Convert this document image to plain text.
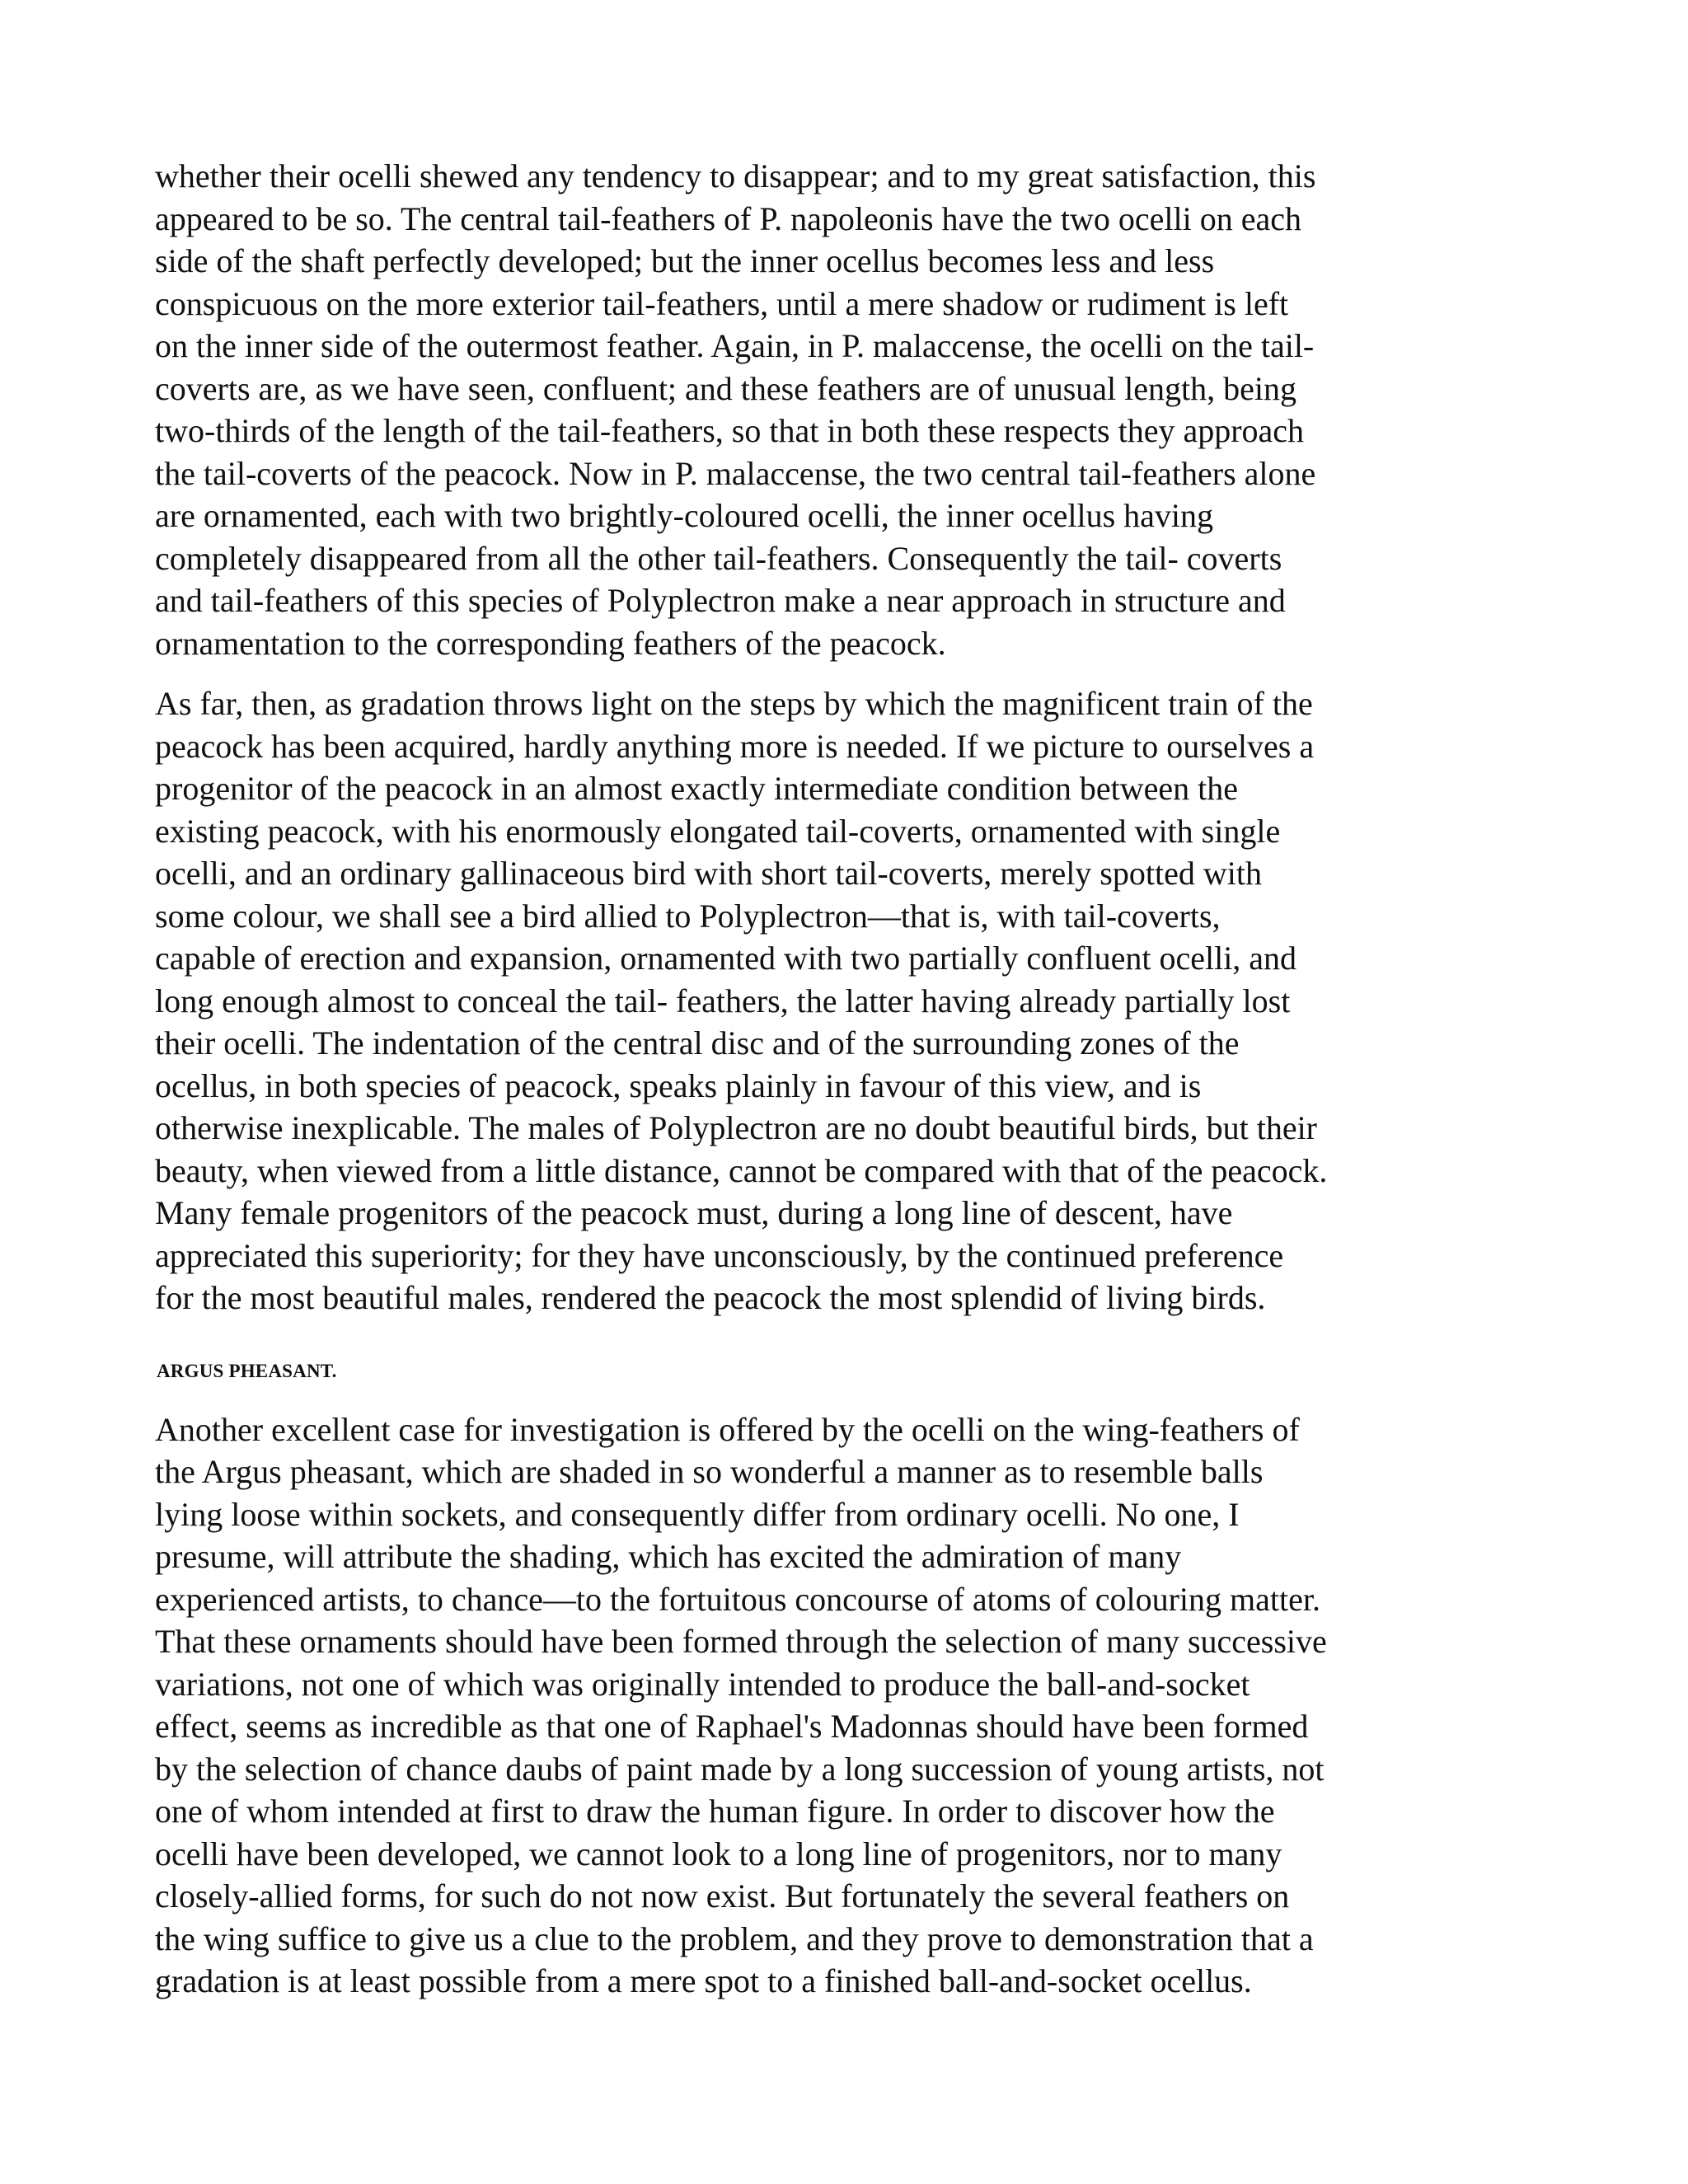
whether their ocelli shewed any tendency to disappear; and to my great satisfaction, this
appeared to be so. The central tail-feathers of P. napoleonis have the two ocelli on each
side of the shaft perfectly developed; but the inner ocellus becomes less and less
conspicuous on the more exterior tail-feathers, until a mere shadow or rudiment is left
on the inner side of the outermost feather. Again, in P. malaccense, the ocelli on the tail-
coverts are, as we have seen, confluent; and these feathers are of unusual length, being
two-thirds of the length of the tail-feathers, so that in both these respects they approach
the tail-coverts of the peacock. Now in P. malaccense, the two central tail-feathers alone
are ornamented, each with two brightly-coloured ocelli, the inner ocellus having
completely disappeared from all the other tail-feathers. Consequently the tail- coverts
and tail-feathers of this species of Polyplectron make a near approach in structure and
ornamentation to the corresponding feathers of the peacock.
As far, then, as gradation throws light on the steps by which the magnificent train of the
peacock has been acquired, hardly anything more is needed. If we picture to ourselves a
progenitor of the peacock in an almost exactly intermediate condition between the
existing peacock, with his enormously elongated tail-coverts, ornamented with single
ocelli, and an ordinary gallinaceous bird with short tail-coverts, merely spotted with
some colour, we shall see a bird allied to Polyplectron—that is, with tail-coverts,
capable of erection and expansion, ornamented with two partially confluent ocelli, and
long enough almost to conceal the tail- feathers, the latter having already partially lost
their ocelli. The indentation of the central disc and of the surrounding zones of the
ocellus, in both species of peacock, speaks plainly in favour of this view, and is
otherwise inexplicable. The males of Polyplectron are no doubt beautiful birds, but their
beauty, when viewed from a little distance, cannot be compared with that of the peacock.
Many female progenitors of the peacock must, during a long line of descent, have
appreciated this superiority; for they have unconsciously, by the continued preference
for the most beautiful males, rendered the peacock the most splendid of living birds.
ARGUS PHEASANT.
Another excellent case for investigation is offered by the ocelli on the wing-feathers of
the Argus pheasant, which are shaded in so wonderful a manner as to resemble balls
lying loose within sockets, and consequently differ from ordinary ocelli. No one, I
presume, will attribute the shading, which has excited the admiration of many
experienced artists, to chance—to the fortuitous concourse of atoms of colouring matter.
That these ornaments should have been formed through the selection of many successive
variations, not one of which was originally intended to produce the ball-and-socket
effect, seems as incredible as that one of Raphael's Madonnas should have been formed
by the selection of chance daubs of paint made by a long succession of young artists, not
one of whom intended at first to draw the human figure. In order to discover how the
ocelli have been developed, we cannot look to a long line of progenitors, nor to many
closely-allied forms, for such do not now exist. But fortunately the several feathers on
the wing suffice to give us a clue to the problem, and they prove to demonstration that a
gradation is at least possible from a mere spot to a finished ball-and-socket ocellus.
